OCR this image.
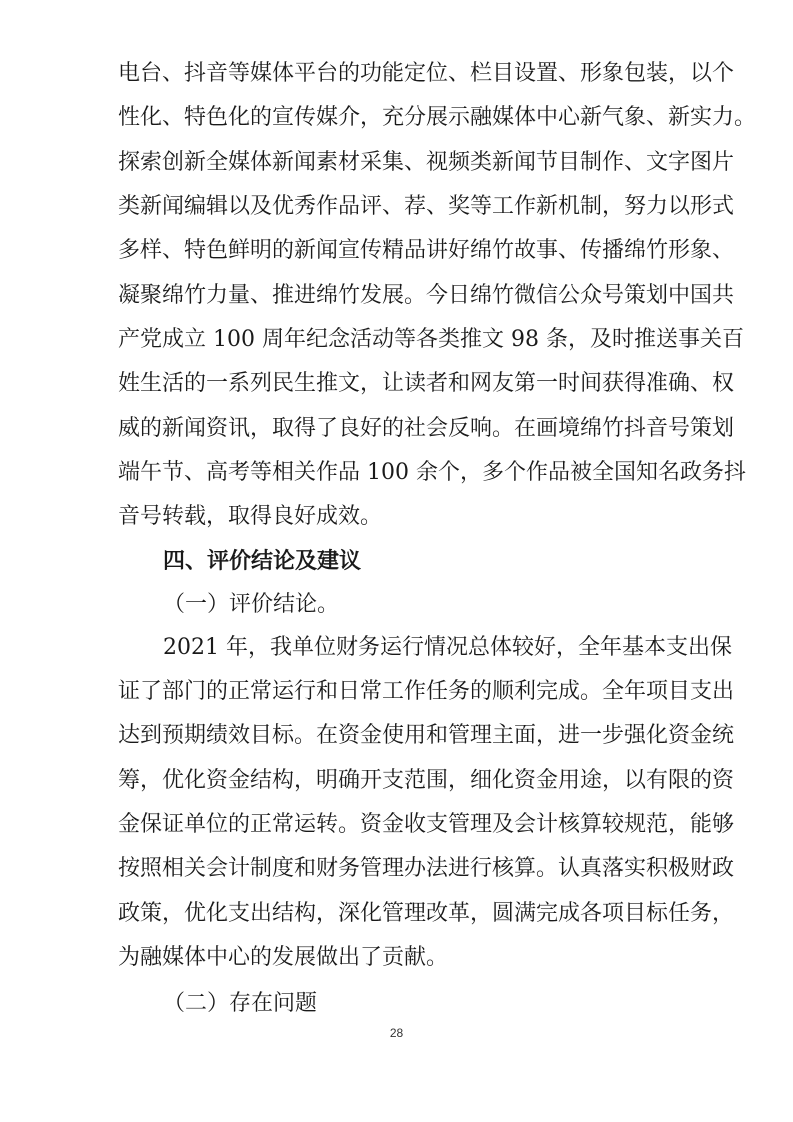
电台、抖音等媒体平台的功能定位、栏目设置、形象包装，以个
性化、特色化的宣传媒介，充分展示融媒体中心新气象、新实力。
探索创新全媒体新闻素材采集、视频类新闻节目制作、文字图片
类新闻编辑以及优秀作品评、荐、奖等工作新机制，努力以形式
多样、特色鲜明的新闻宣传精品讲好绵竹故事、传播绵竹形象、
凝聚绵竹力量、推进绵竹发展。今日绵竹微信公众号策划中国共
产党成立 100 周年纪念活动等各类推文 98 条，及时推送事关百
姓生活的一系列民生推文，让读者和网友第一时间获得准确、权
威的新闻资讯，取得了良好的社会反响。在画境绵竹抖音号策划
端午节、高考等相关作品 100 余个，多个作品被全国知名政务抖
音号转载，取得良好成效。
四、评价结论及建议
（一）评价结论。
2021 年，我单位财务运行情况总体较好，全年基本支出保
证了部门的正常运行和日常工作任务的顺利完成。全年项目支出
达到预期绩效目标。在资金使用和管理主面，进一步强化资金统
筹，优化资金结构，明确开支范围，细化资金用途，以有限的资
金保证单位的正常运转。资金收支管理及会计核算较规范，能够
按照相关会计制度和财务管理办法进行核算。认真落实积极财政
政策，优化支出结构，深化管理改革，圆满完成各项目标任务，
为融媒体中心的发展做出了贡献。
28
（二）存在问题
